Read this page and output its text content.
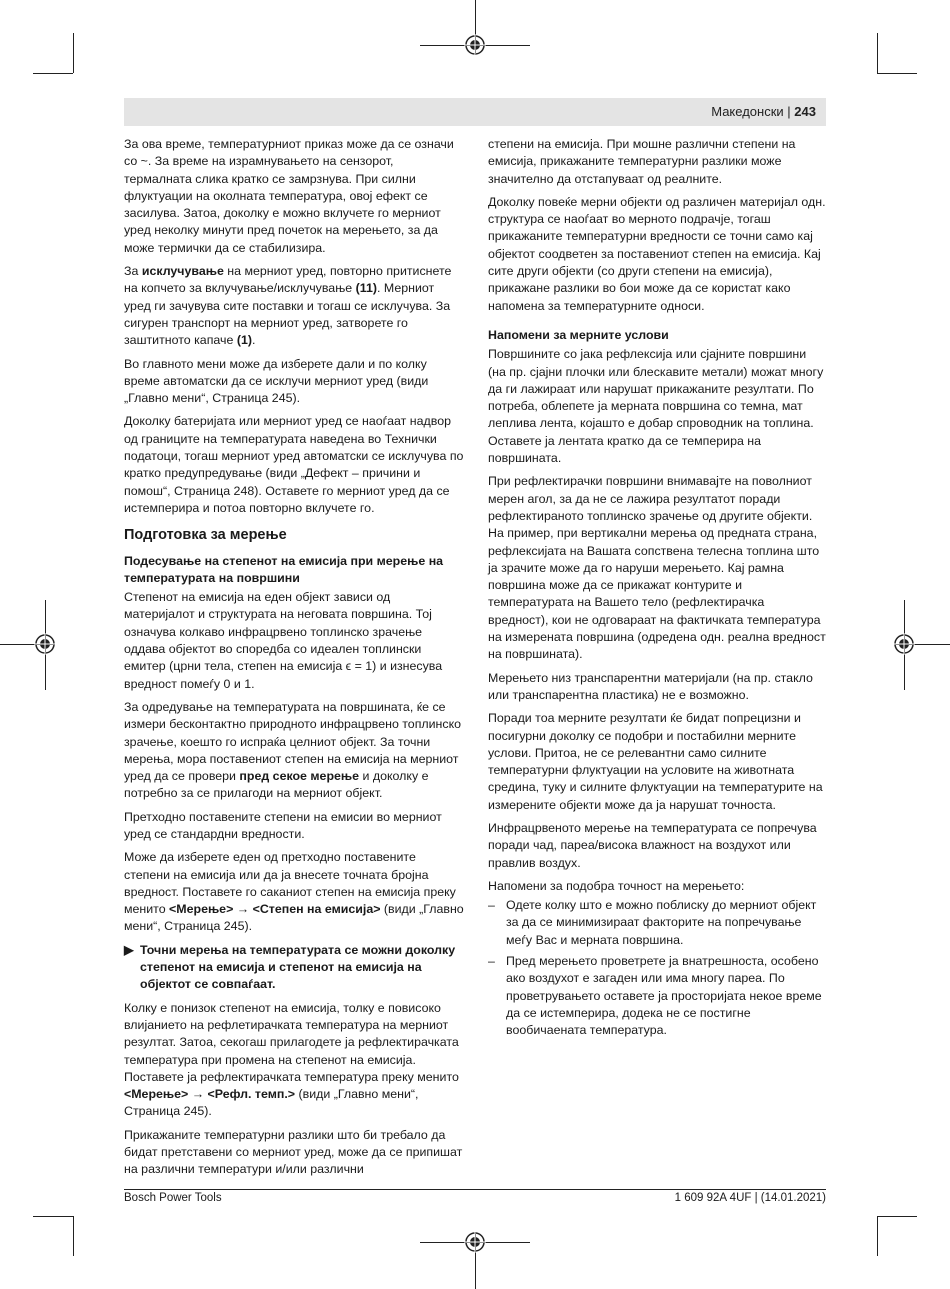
Македонски | 243

За ова време, температурниот приказ може да се означи со ~. За време на израмнувањето на сензорот, термалната слика кратко се замрзнува. При силни флуктуации на околната температура, овој ефект се засилува. Затоа, доколку е можно вклучете го мерниот уред неколку минути пред почеток на мерењето, за да може термички да се стабилизира.

За исклучување на мерниот уред, повторно притиснете на копчето за вклучување/исклучување (11). Мерниот уред ги зачувува сите поставки и тогаш се исклучува. За сигурен транспорт на мерниот уред, затворете го заштитното капаче (1).

Во главното мени може да изберете дали и по колку време автоматски да се исклучи мерниот уред (види „Главно мени“, Страница 245).

Доколку батеријата или мерниот уред се наоѓаат надвор од границите на температурата наведена во Технички податоци, тогаш мерниот уред автоматски се исклучува по кратко предупредување (види „Дефект – причини и помош“, Страница 248). Оставете го мерниот уред да се истемперира и потоа повторно вклучете го.

Подготовка за мерење
Подесување на степенот на емисија при мерење на температурата на површини

Степенот на емисија на еден објект зависи од материјалот и структурата на неговата површина. Тој означува колкаво инфрацрвено топлинско зрачење оддава објектот во споредба со идеален топлински емитер (црни тела, степен на емисија ϵ = 1) и изнесува вредност помеѓу 0 и 1.

За одредување на температурата на површината, ќе се измери бесконтактно природното инфрацрвено топлинско зрачење, коешто го испраќа целниот објект. За точни мерења, мора поставениот степен на емисија на мерниот уред да се провери пред секое мерење и доколку е потребно за се прилагоди на мерниот објект.

Претходно поставените степени на емисии во мерниот уред се стандардни вредности.

Може да изберете еден од претходно поставените степени на емисија или да ја внесете точната бројна вредност. Поставете го саканиот степен на емисија преку менито <Мерење> → <Степен на емисија> (види „Главно мени“, Страница 245).

▶ Точни мерења на температурата се можни доколку степенот на емисија и степенот на емисија на објектот се совпаѓаат.

Колку е понизок степенот на емисија, толку е повисоко влијанието на рефлетирачката температура на мерниот резултат. Затоа, секогаш прилагодете ја рефлектирачката температура при промена на степенот на емисија. Поставете ја рефлектирачката температура преку менито <Мерење> → <Рефл. темп.> (види „Главно мени“, Страница 245).

Прикажаните температурни разлики што би требало да бидат претставени со мерниот уред, може да се припишат на различни температури и/или различни

степени на емисија. При мошне различни степени на емисија, прикажаните температурни разлики може значително да отстапуваат од реалните.

Доколку повеќе мерни објекти од различен материјал одн. структура се наоѓаат во мерното подрачје, тогаш прикажаните температурни вредности се точни само кај објектот соодветен за поставениот степен на емисија. Кај сите други објекти (со други степени на емисија), прикажане разлики во бои може да се користат како напомена за температурните односи.

Напомени за мерните услови

Површините со јака рефлексија или сјајните површини (на пр. сјајни плочки или блескавите метали) можат многу да ги лажираат или нарушат прикажаните резултати. По потреба, облепете ја мерната површина со темна, мат леплива лента, којашто е добар спроводник на топлина. Оставете ја лентата кратко да се темперира на површината.

При рефлектирачки површини внимавајте на поволниот мерен агол, за да не се лажира резултатот поради рефлектираното топлинско зрачење од другите објекти. На пример, при вертикални мерења од предната страна, рефлексијата на Вашата сопствена телесна топлина што ја зрачите може да го наруши мерењето. Кај рамна површина може да се прикажат контурите и температурата на Вашето тело (рефлектирачка вредност), кои не одговараат на фактичката температура на измерената површина (одредена одн. реална вредност на површината).

Мерењето низ транспарентни материјали (на пр. стакло или транспарентна пластика) не е возможно.

Поради тоа мерните резултати ќе бидат попрецизни и посигурни доколку се подобри и постабилни мерните услови. Притоа, не се релевантни само силните температурни флуктуации на условите на животната средина, туку и силните флуктуации на температурите на измерените објекти може да ја нарушат точноста.

Инфрацрвеното мерење на температурата се попречува поради чад, пареа/висока влажност на воздухот или правлив воздух.

Напомени за подобра точност на мерењето:

– Одете колку што е можно поблиску до мерниот објект за да се минимизираат факторите на попречување меѓу Вас и мерната површина.
– Пред мерењето проветрете ја внатрешноста, особено ако воздухот е загаден или има многу пареа. По проветрувањето оставете ја просторијата некое време да се истемперира, додека не се постигне вообичаената температура.
Bosch Power Tools	1 609 92A 4UF | (14.01.2021)
